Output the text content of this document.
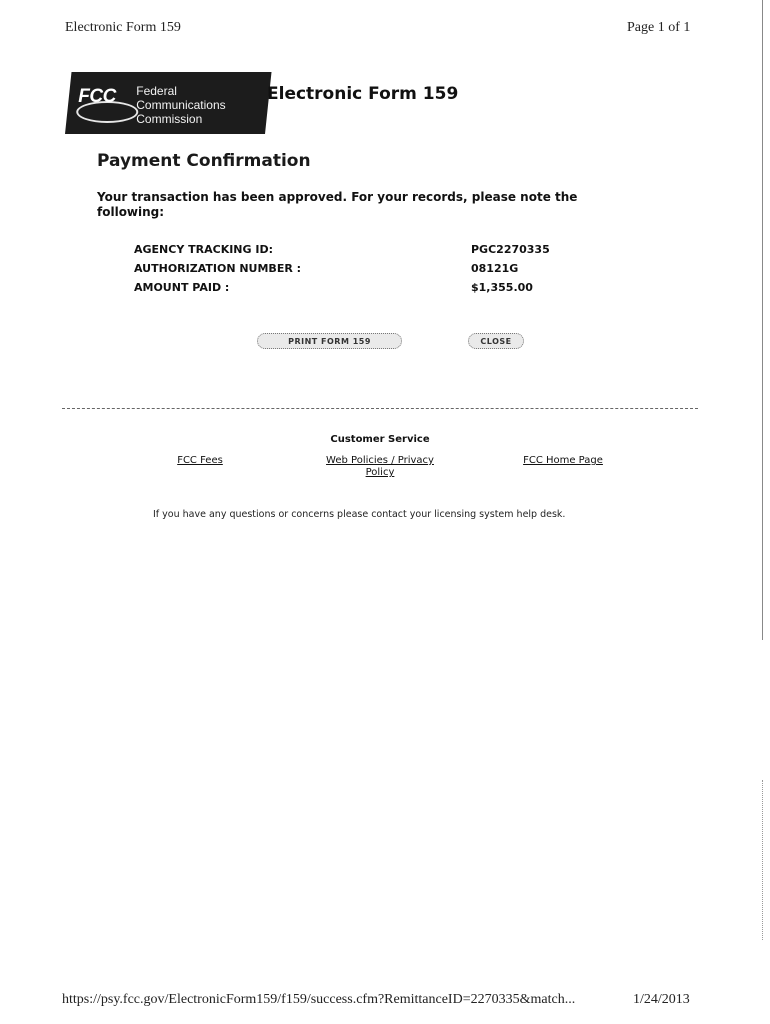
Electronic Form 159	Page 1 of 1
FCC Federal
Communications
Commission
Electronic Form 159
Payment Confirmation
Your transaction has been approved. For your records, please note the following:
AGENCY TRACKING ID:	PGC2270335
AUTHORIZATION NUMBER :	08121G
AMOUNT PAID :	$1,355.00
PRINT FORM 159	CLOSE
Customer Service
FCC Fees	Web Policies / Privacy Policy
FCC Home Page
If you have any questions or concerns please contact your licensing system help desk.
https://psy.fcc.gov/ElectronicForm159/f159/success.cfm?RemittanceID=2270335&match...	1/24/2013
